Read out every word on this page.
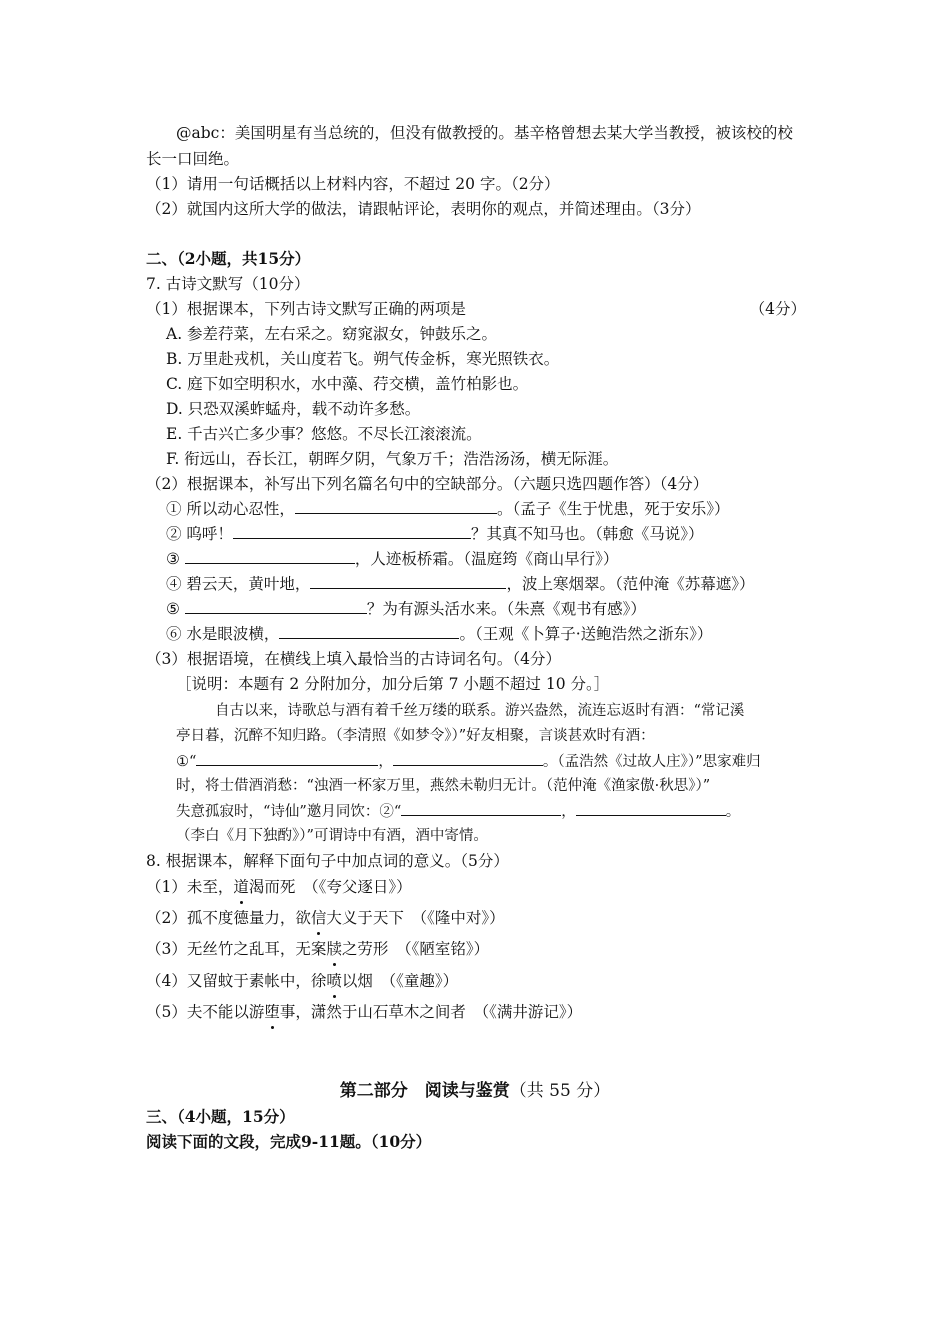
@abc：美国明星有当总统的，但没有做教授的。基辛格曾想去某大学当教授，被该校的校
长一口回绝。
（1）请用一句话概括以上材料内容，不超过 20 字。（2分）
（2）就国内这所大学的做法，请跟帖评论，表明你的观点，并简述理由。（3分）
二、（2小题，共15分）
7. 古诗文默写（10分）
（1）根据课本，下列古诗文默写正确的两项是	（4分）
A. 参差荇菜，左右采之。窈窕淑女，钟鼓乐之。
B. 万里赴戎机，关山度若飞。朔气传金柝，寒光照铁衣。
C. 庭下如空明积水，水中藻、荇交横，盖竹柏影也。
D. 只恐双溪蚱蜢舟，载不动许多愁。
E. 千古兴亡多少事？悠悠。不尽长江滚滚流。
F. 衔远山，吞长江，朝晖夕阴，气象万千；浩浩汤汤，横无际涯。
（2）根据课本，补写出下列名篇名句中的空缺部分。（六题只选四题作答）（4分）
① 所以动心忍性，	。（孟子《生于忧患，死于安乐》）
② 呜呼！	？其真不知马也。（韩愈《马说》）
③	，人迹板桥霜。（温庭筠《商山早行》）
④ 碧云天，黄叶地，	，波上寒烟翠。（范仲淹《苏幕遮》）
⑤	？为有源头活水来。（朱熹《观书有感》）
⑥ 水是眼波横，	。（王观《卜算子·送鲍浩然之浙东》）
（3）根据语境，在横线上填入最恰当的古诗词名句。（4分）
［说明：本题有 2 分附加分，加分后第 7 小题不超过 10 分。］
自古以来，诗歌总与酒有着千丝万缕的联系。游兴盎然，流连忘返时有酒：“常记溪
亭日暮，沉醉不知归路。（李清照《如梦令》）”好友相聚，言谈甚欢时有酒：
①“	，	。（孟浩然《过故人庄》）”思家难归
时，将士借酒消愁：“浊酒一杯家万里，燕然未勒归无计。（范仲淹《渔家傲·秋思》）”
失意孤寂时，“诗仙”邀月同饮：②“	，	。
（李白《月下独酌》）”可谓诗中有酒，酒中寄情。
8. 根据课本，解释下面句子中加点词的意义。（5分）
（1）未至，道渴而死　（《夸父逐日》）
（2）孤不度德量力，欲信大义于天下　（《隆中对》）
（3）无丝竹之乱耳，无案牍之劳形　（《陋室铭》）
（4）又留蚊于素帐中，徐喷以烟　（《童趣》）
（5）夫不能以游堕事，潇然于山石草木之间者　（《满井游记》）
第二部分　阅读与鉴赏（共 55 分）
三、（4小题，15分）
阅读下面的文段，完成9-11题。（10分）
